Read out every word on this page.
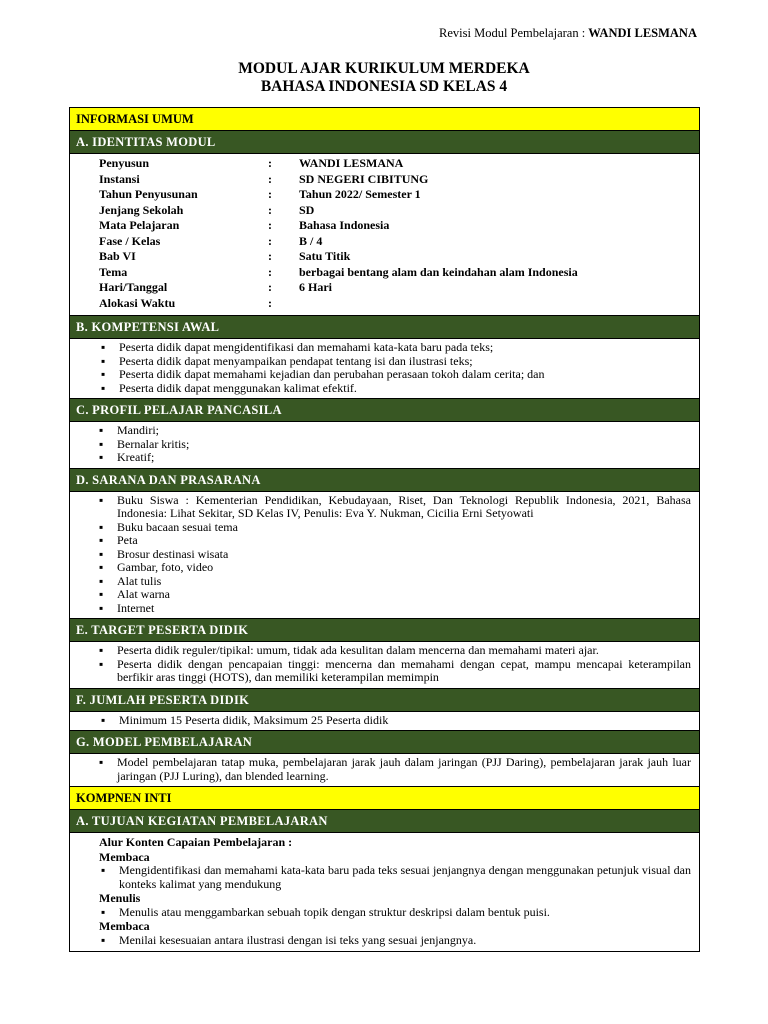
Revisi Modul Pembelajaran : WANDI LESMANA
MODUL AJAR KURIKULUM MERDEKA
BAHASA INDONESIA SD KELAS 4
INFORMASI UMUM
A. IDENTITAS MODUL
Penyusun	:	WANDI LESMANA
Instansi	:	SD NEGERI CIBITUNG
Tahun Penyusunan	:	Tahun 2022/ Semester 1
Jenjang Sekolah	:	SD
Mata Pelajaran	:	Bahasa Indonesia
Fase / Kelas	:	B / 4
Bab VI	:	Satu Titik
Tema	:	berbagai bentang alam dan keindahan alam Indonesia
Hari/Tanggal	:	6 Hari
Alokasi Waktu	:
B. KOMPETENSI AWAL
▪ Peserta didik dapat mengidentifikasi dan memahami kata-kata baru pada teks;
▪ Peserta didik dapat menyampaikan pendapat tentang isi dan ilustrasi teks;
▪ Peserta didik dapat memahami kejadian dan perubahan perasaan tokoh dalam cerita; dan
▪ Peserta didik dapat menggunakan kalimat efektif.
C. PROFIL PELAJAR PANCASILA
▪ Mandiri;
▪ Bernalar kritis;
▪ Kreatif;
D. SARANA DAN PRASARANA
▪ Buku Siswa : Kementerian Pendidikan, Kebudayaan, Riset, Dan Teknologi Republik Indonesia, 2021, Bahasa Indonesia: Lihat Sekitar, SD Kelas IV, Penulis: Eva Y. Nukman, Cicilia Erni Setyowati
▪ Buku bacaan sesuai tema
▪ Peta
▪ Brosur destinasi wisata
▪ Gambar, foto, video
▪ Alat tulis
▪ Alat warna
▪ Internet
E. TARGET PESERTA DIDIK
▪ Peserta didik reguler/tipikal: umum, tidak ada kesulitan dalam mencerna dan memahami materi ajar.
▪ Peserta didik dengan pencapaian tinggi: mencerna dan memahami dengan cepat, mampu mencapai keterampilan berfikir aras tinggi (HOTS), dan memiliki keterampilan memimpin
F. JUMLAH PESERTA DIDIK
▪ Minimum 15 Peserta didik, Maksimum 25 Peserta didik
G. MODEL PEMBELAJARAN
▪ Model pembelajaran tatap muka, pembelajaran jarak jauh dalam jaringan (PJJ Daring), pembelajaran jarak jauh luar jaringan (PJJ Luring), dan blended learning.
KOMPNEN INTI
A. TUJUAN KEGIATAN PEMBELAJARAN
Alur Konten Capaian Pembelajaran :
Membaca
▪ Mengidentifikasi dan memahami kata-kata baru pada teks sesuai jenjangnya dengan menggunakan petunjuk visual dan konteks kalimat yang mendukung
Menulis
▪ Menulis atau menggambarkan sebuah topik dengan struktur deskripsi dalam bentuk puisi.
Membaca
▪ Menilai kesesuaian antara ilustrasi dengan isi teks yang sesuai jenjangnya.
